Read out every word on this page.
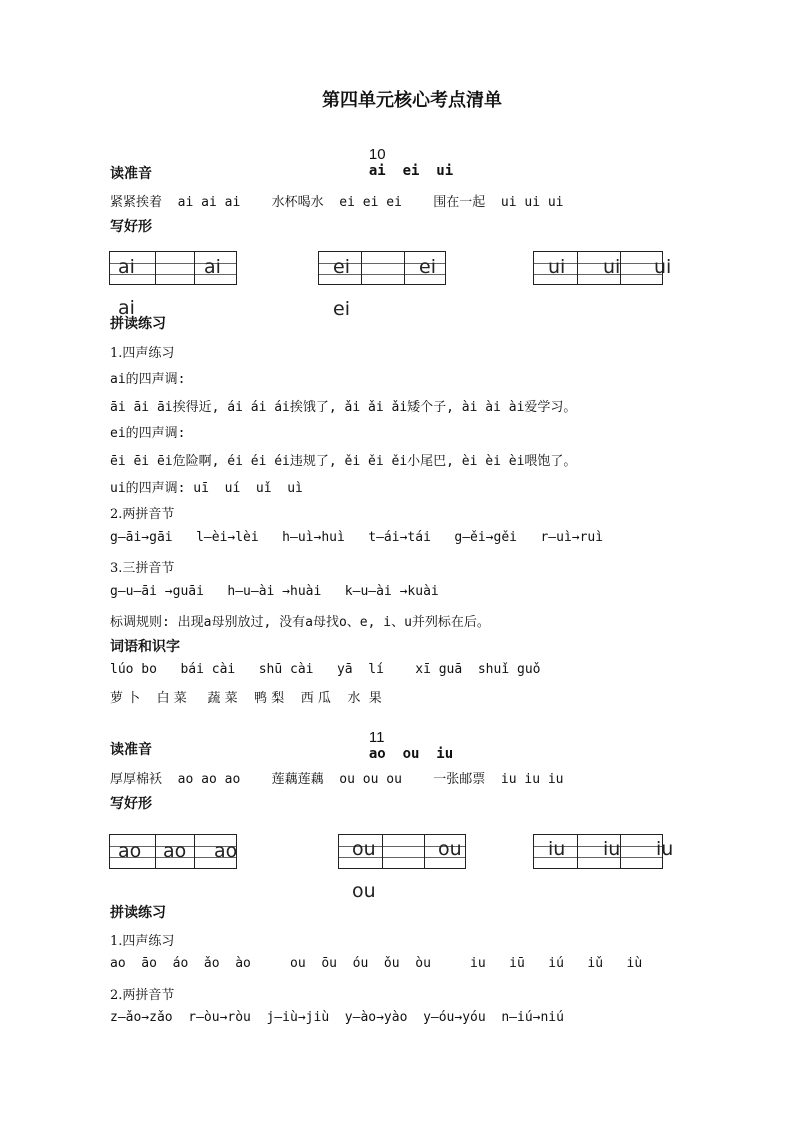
第四单元核心考点清单

10
ai  ei  ui

读准音
紧紧挨着 ai ai ai 水杯喝水 ei ei ei 围在一起 ui ui ui
写好形
ai	ai
ai
ei	ei
ei
ui ui ui
拼读练习
1.四声练习
ai的四声调:
āi āi āi挨得近, ái ái ái挨饿了, ǎi ǎi ǎi矮个子, ài ài ài爱学习。
ei的四声调:
ēi ēi ēi危险啊, éi éi éi违规了, ěi ěi ěi小尾巴, èi èi èi喂饱了。
ui的四声调: uī  uí  uǐ  uì
2.两拼音节
g—āi→gāi   l—èi→lèi   h—uì→huì   t—ái→tái   g—ěi→gěi   r—uì→ruì
3.三拼音节
g—u—āi →guāi   h—u—ài →huài   k—u—ài →kuài
标调规则: 出现a母别放过, 没有a母找o、e, i、u并列标在后。
词语和识字
lúo bo   bái cài   shū cài   yā  lí    xī guā  shuǐ guǒ
萝 卜    白 菜     蔬 菜    鸭 梨    西 瓜    水  果

11
ao  ou  iu

读准音
厚厚棉袄 ao ao ao 莲藕莲藕 ou ou ou 一张邮票 iu iu iu
写好形
ao ao ao	ou	ou
ou
iu iu iu
拼读练习
1.四声练习
ao  āo  áo  ǎo  ào     ou  ōu  óu  ǒu  òu     iu   iū   iú   iǔ   iù
2.两拼音节
z—ǎo→zǎo  r—òu→ròu  j—iù→jiù  y—ào→yào  y—óu→yóu  n—iú→niú
